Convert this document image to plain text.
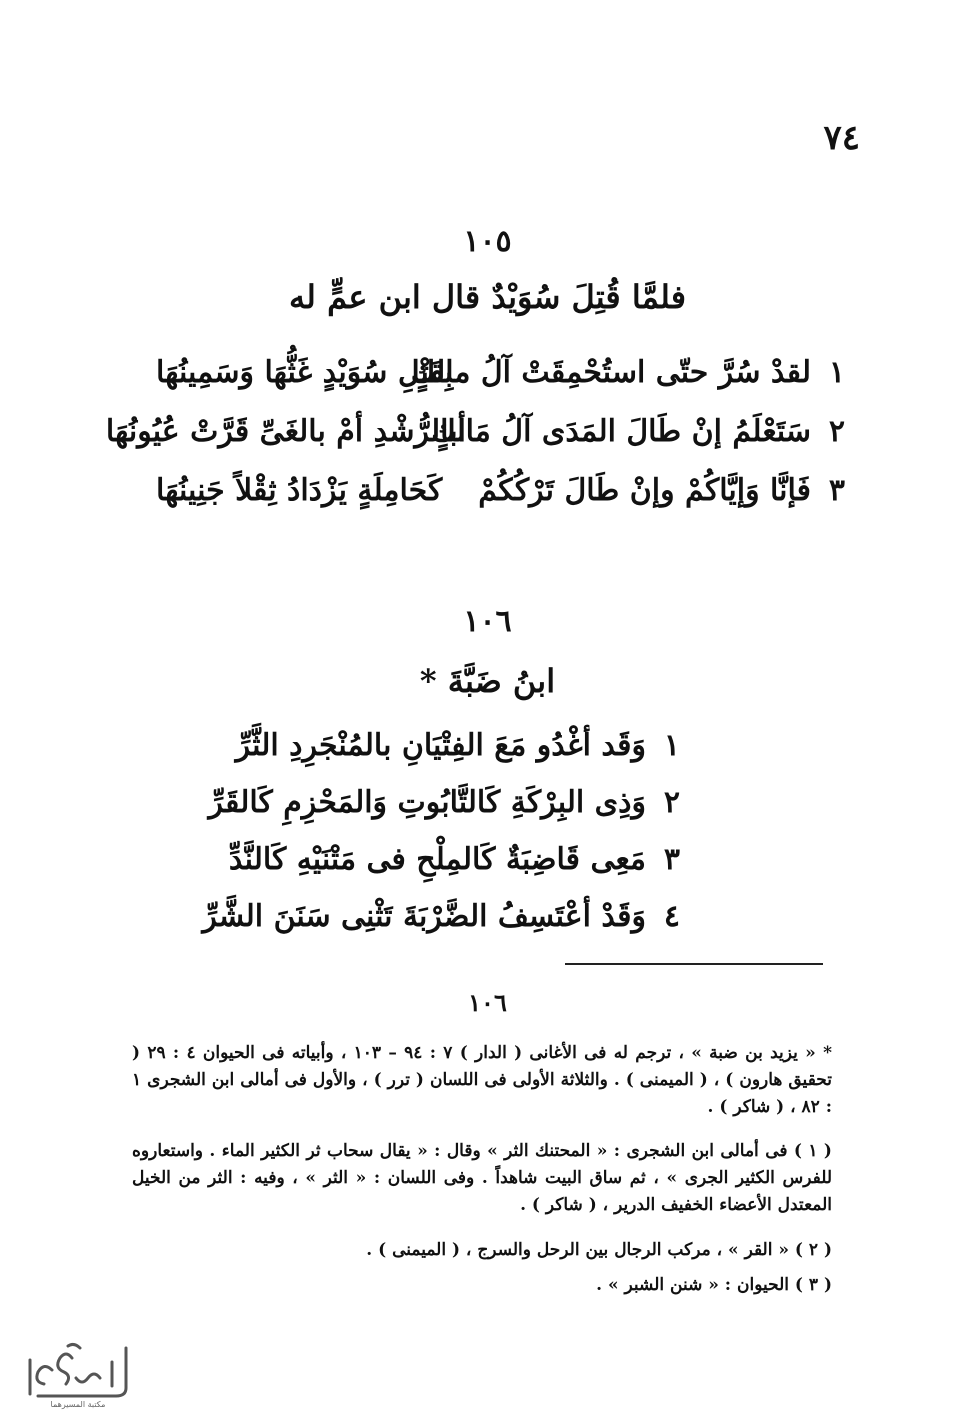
٧٤
١٠٥
فلمَّا قُتِلَ سُوَيْدٌ قال ابن عمٍّ له
١
لقدْ سُرَّ حتّى استُحْمِقَتْ آلُ مالكٍ
بِقَتْلِ سُوَيْدٍ غَثُّهَا وَسَمِينُهَا
٢
سَتَعْلَمُ إنْ طَالَ المَدَى آلُ مَالكٍ
أبالرُّشْدِ أمْ بالغَىِّ قَرَّتْ عُيُونُهَا
٣
فَإنَّا وَإيَّاكُمْ وإنْ طَالَ تَرْكُكُمْ
كَحَامِلَةٍ يَزْدَادُ ثِقْلاً جَنِينُهَا
١٠٦
ابنُ ضَبَّةَ *
١
وَقَد أغْدُو مَعَ الفِتْيَانِ بالمُنْجَرِدِ الثَّرِّ
٢
وَذِى البِرْكَةِ كَالتَّابُوتِ وَالمَحْزِمِ كَالقَرِّ
٣
مَعِى قَاضِبَةٌ كَالمِلْحِ فى مَتْنَيْهِ كَالنَّدِّ
٤
وَقَدْ أعْتَسِفُ الضَّرْبَةَ تَثْنِى سَنَنَ الشَّرِّ
١٠٦
* « يزيد بن ضبة » ، ترجم له فى الأغانى ( الدار ) ٧ : ٩٤ – ١٠٣ ، وأبياته فى الحيوان ٤ : ٢٩ ( تحقيق هارون ) ، ( الميمنى ) . والثلاثة الأولى فى اللسان ( ترر ) ، والأول فى أمالى ابن الشجرى ١ : ٨٢ ، ( شاكر ) .
( ١ ) فى أمالى ابن الشجرى : « المحتنك الثر » وقال : « يقال سحاب ثر الكثير الماء . واستعاروه للفرس الكثير الجرى » ، ثم ساق البيت شاهداً . وفى اللسان : « الثر » ، وفيه : الثر من الخيل المعتدل الأعضاء الخفيف الدرير ، ( شاكر ) .
( ٢ ) « القر » ، مركب الرجال بين الرحل والسرج ، ( الميمنى ) .
( ٣ ) الحيوان : « شنن الشبر » .
مكتبة المسيرهما
